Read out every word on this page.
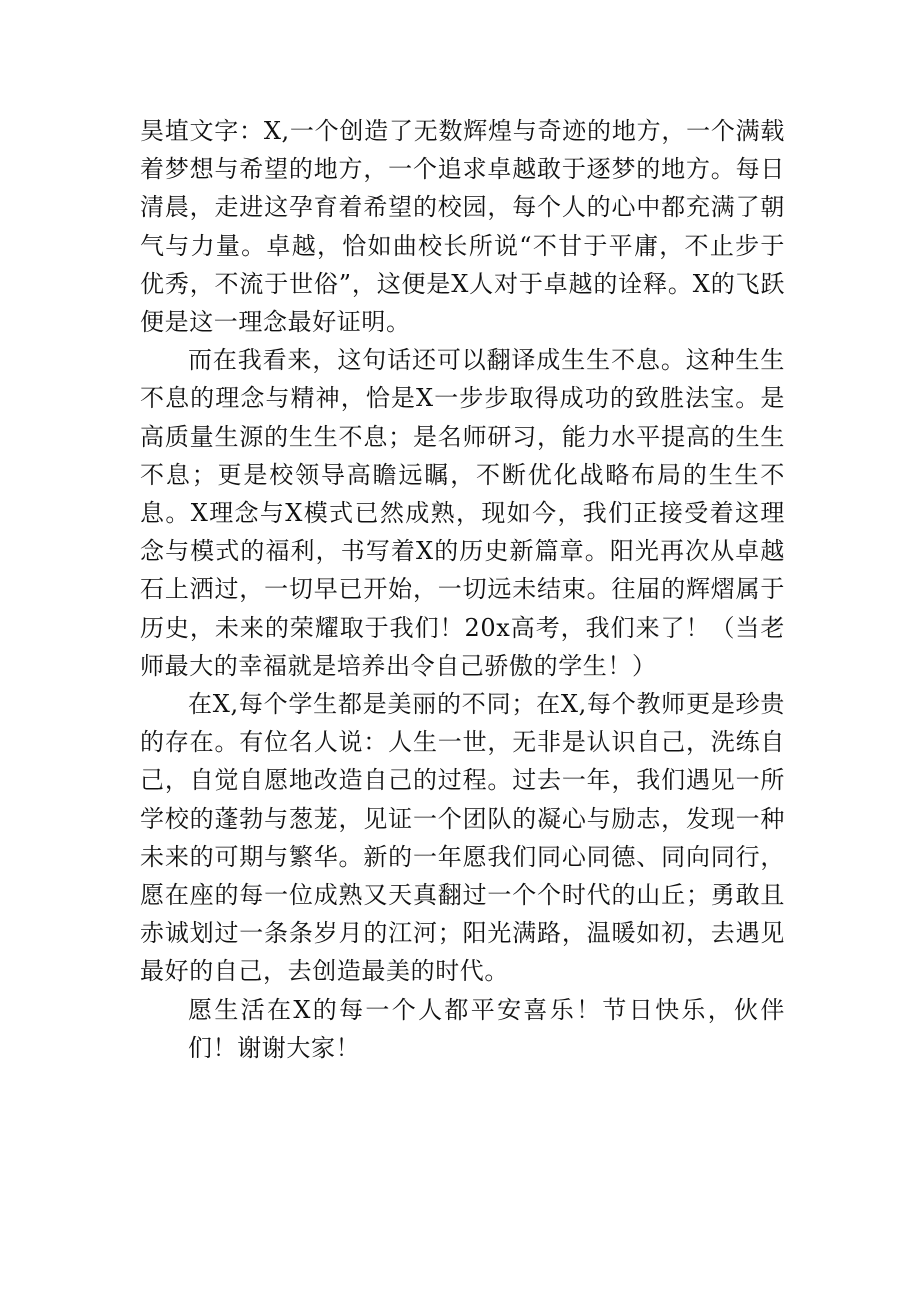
昊埴文字：X,一个创造了无数辉煌与奇迹的地方，一个满载着梦想与希望的地方，一个追求卓越敢于逐梦的地方。每日清晨，走进这孕育着希望的校园，每个人的心中都充满了朝气与力量。卓越，恰如曲校长所说“不甘于平庸，不止步于优秀，不流于世俗”，这便是X人对于卓越的诠释。X的飞跃便是这一理念最好证明。

而在我看来，这句话还可以翻译成生生不息。这种生生不息的理念与精神，恰是X一步步取得成功的致胜法宝。是高质量生源的生生不息；是名师研习，能力水平提高的生生不息；更是校领导高瞻远瞩，不断优化战略布局的生生不息。X理念与X模式已然成熟，现如今，我们正接受着这理念与模式的福利，书写着X的历史新篇章。阳光再次从卓越石上洒过，一切早已开始，一切远未结束。往届的辉熠属于历史，未来的荣耀取于我们！20x高考，我们来了！（当老师最大的幸福就是培养出令自己骄傲的学生！）

在X,每个学生都是美丽的不同；在X,每个教师更是珍贵的存在。有位名人说：人生一世，无非是认识自己，洗练自己，自觉自愿地改造自己的过程。过去一年，我们遇见一所学校的蓬勃与葱茏，见证一个团队的凝心与励志，发现一种未来的可期与繁华。新的一年愿我们同心同德、同向同行，愿在座的每一位成熟又天真翻过一个个时代的山丘；勇敢且赤诚划过一条条岁月的江河；阳光满路，温暖如初，去遇见最好的自己，去创造最美的时代。

愿生活在X的每一个人都平安喜乐！节日快乐，伙伴们！谢谢大家！
